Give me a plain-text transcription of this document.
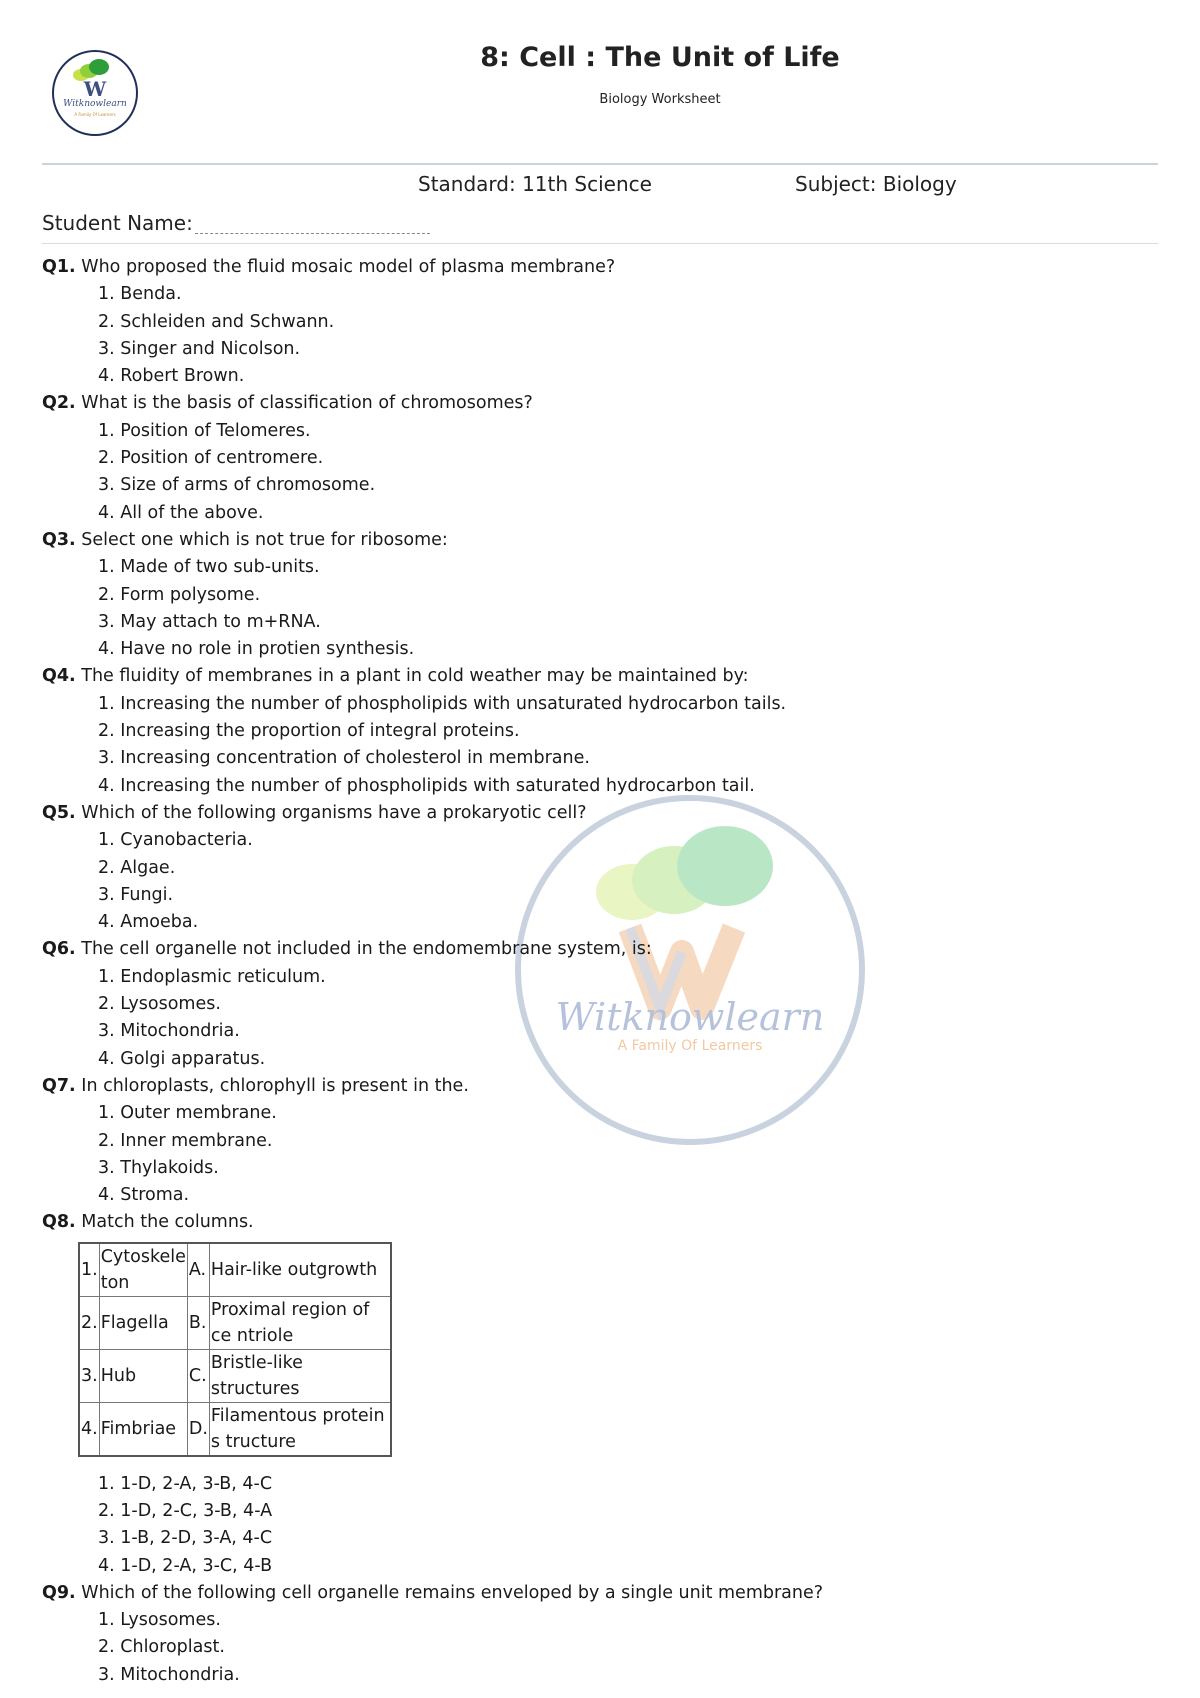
W
Witknowlearn
A Family Of Learners
8: Cell : The Unit of Life
Biology Worksheet
Standard: 11th Science	Subject: Biology
Student Name:
Witknowlearn
A Family Of Learners
Q1. Who proposed the fluid mosaic model of plasma membrane?
1. Benda.
2. Schleiden and Schwann.
3. Singer and Nicolson.
4. Robert Brown.
Q2. What is the basis of classification of chromosomes?
1. Position of Telomeres.
2. Position of centromere.
3. Size of arms of chromosome.
4. All of the above.
Q3. Select one which is not true for ribosome:
1. Made of two sub-units.
2. Form polysome.
3. May attach to m+RNA.
4. Have no role in protien synthesis.
Q4. The fluidity of membranes in a plant in cold weather may be maintained by:
1. Increasing the number of phospholipids with unsaturated hydrocarbon tails.
2. Increasing the proportion of integral proteins.
3. Increasing concentration of cholesterol in membrane.
4. Increasing the number of phospholipids with saturated hydrocarbon tail.
Q5. Which of the following organisms have a prokaryotic cell?
1. Cyanobacteria.
2. Algae.
3. Fungi.
4. Amoeba.
Q6. The cell organelle not included in the endomembrane system, is:
1. Endoplasmic reticulum.
2. Lysosomes.
3. Mitochondria.
4. Golgi apparatus.
Q7. In chloroplasts, chlorophyll is present in the.
1. Outer membrane.
2. Inner membrane.
3. Thylakoids.
4. Stroma.
Q8. Match the columns.
1.	Cytoskele ton	A.	Hair-like outgrowth
2.	Flagella	B.	Proximal region of ce ntriole
3.	Hub	C.	Bristle-like structures
4.	Fimbriae	D.	Filamentous protein s tructure
1. 1-D, 2-A, 3-B, 4-C
2. 1-D, 2-C, 3-B, 4-A
3. 1-B, 2-D, 3-A, 4-C
4. 1-D, 2-A, 3-C, 4-B
Q9. Which of the following cell organelle remains enveloped by a single unit membrane?
1. Lysosomes.
2. Chloroplast.
3. Mitochondria.
